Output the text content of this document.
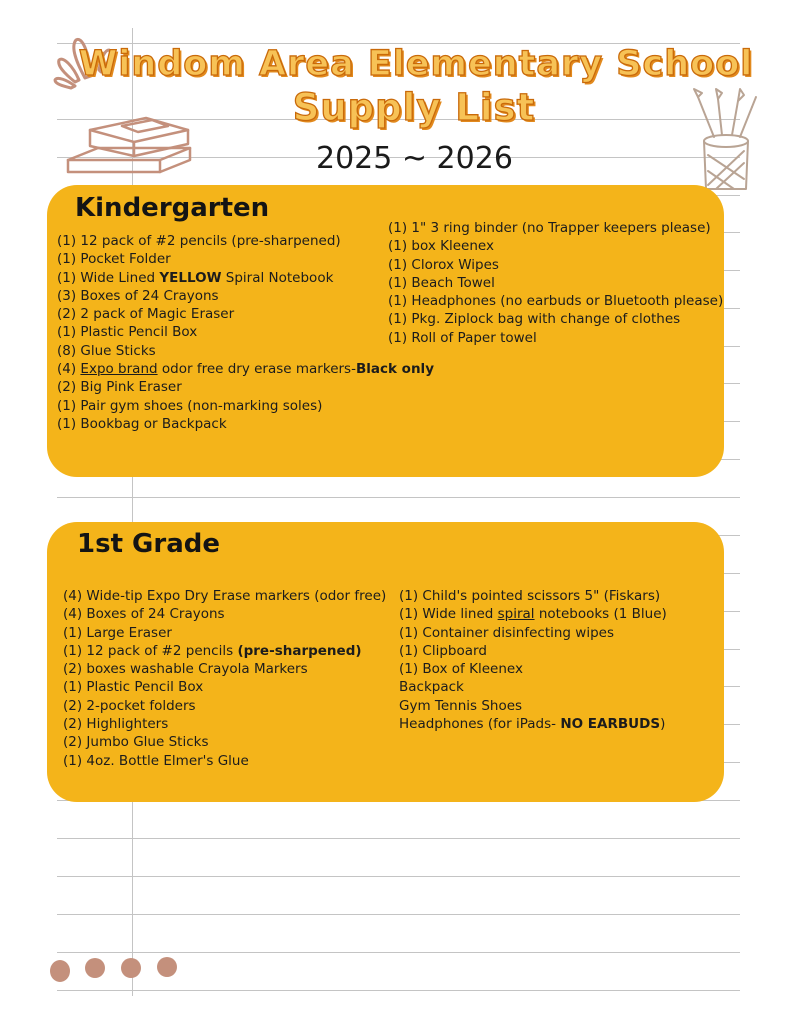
Windom Area Elementary School
Supply List
2025 ~ 2026
Kindergarten
(1) 12 pack of #2 pencils (pre-sharpened)
(1) Pocket Folder
(1) Wide Lined YELLOW Spiral Notebook
(3) Boxes of 24 Crayons
(2) 2 pack of Magic Eraser
(1) Plastic Pencil Box
(8) Glue Sticks
(4) Expo brand odor free dry erase markers-Black only
(2) Big Pink Eraser
(1) Pair gym shoes (non-marking soles)
(1) Bookbag or Backpack
(1) 1" 3 ring binder (no Trapper keepers please)
(1) box Kleenex
(1) Clorox Wipes
(1) Beach Towel
(1) Headphones (no earbuds or Bluetooth please)
(1) Pkg. Ziplock bag with change of clothes
(1) Roll of Paper towel
1st Grade
(4) Wide-tip Expo Dry Erase markers (odor free)
(4) Boxes of 24 Crayons
(1) Large Eraser
(1) 12 pack of #2 pencils (pre-sharpened)
(2) boxes washable Crayola Markers
(1) Plastic Pencil Box
(2) 2-pocket folders
(2) Highlighters
(2) Jumbo Glue Sticks
(1) 4oz. Bottle Elmer's Glue
(1) Child's pointed scissors 5" (Fiskars)
(1) Wide lined spiral notebooks (1 Blue)
(1) Container disinfecting wipes
(1) Clipboard
(1) Box of Kleenex
Backpack
Gym Tennis Shoes
Headphones (for iPads- NO EARBUDS)
